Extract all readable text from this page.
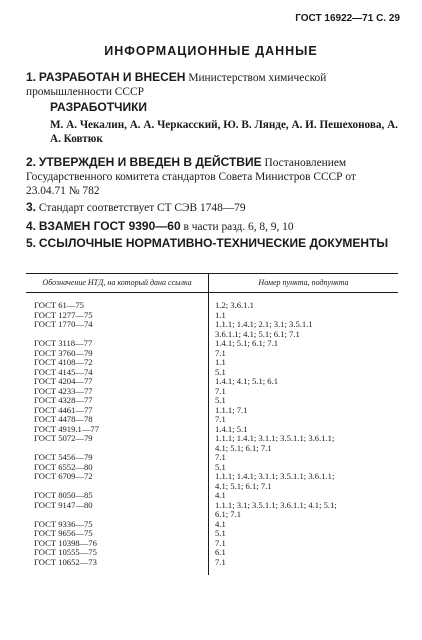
ГОСТ 16922—71 С. 29
ИНФОРМАЦИОННЫЕ ДАННЫЕ
1. РАЗРАБОТАН И ВНЕСЕН Министерством химической промышленности СССР
РАЗРАБОТЧИКИ
М. А. Чекалин, А. А. Черкасский, Ю. В. Лянде, А. И. Пешехонова, А. А. Ковтюк
2. УТВЕРЖДЕН И ВВЕДЕН В ДЕЙСТВИЕ Постановлением Государственного комитета стандартов Совета Министров СССР от 23.04.71 № 782
3. Стандарт соответствует СТ СЭВ 1748—79
4. ВЗАМЕН ГОСТ 9390—60 в части разд. 6, 8, 9, 10
5. ССЫЛОЧНЫЕ НОРМАТИВНО-ТЕХНИЧЕСКИЕ ДОКУМЕНТЫ
Обозначение НТД, на который дана ссылка	Номер пункта, подпункта
ГОСТ 61—75	1.2; 3.6.1.1
ГОСТ 1277—75	1.1
ГОСТ 1770—74	1.1.1; 1.4.1; 2.1; 3.1; 3.5.1.1
	3.6.1.1; 4.1; 5.1; 6.1; 7.1
ГОСТ 3118—77	1.4.1; 5.1; 6.1; 7.1
ГОСТ 3760—79	7.1
ГОСТ 4108—72	1.1
ГОСТ 4145—74	5.1
ГОСТ 4204—77	1.4.1; 4.1; 5.1; 6.1
ГОСТ 4233—77	7.1
ГОСТ 4328—77	5.1
ГОСТ 4461—77	1.1.1; 7.1
ГОСТ 4478—78	7.1
ГОСТ 4919.1—77	1.4.1; 5.1
ГОСТ 5072—79	1.1.1; 1.4.1; 3.1.1; 3.5.1.1; 3.6.1.1;
	4.1; 5.1; 6.1; 7.1
ГОСТ 5456—79	7.1
ГОСТ 6552—80	5.1
ГОСТ 6709—72	1.1.1; 1.4.1; 3.1.1; 3.5.1.1; 3.6.1.1;
	4.1; 5.1; 6.1; 7.1
ГОСТ 8050—85	4.1
ГОСТ 9147—80	1.1.1; 3.1; 3.5.1.1; 3.6.1.1; 4.1; 5.1;
	6.1; 7.1
ГОСТ 9336—75	4.1
ГОСТ 9656—75	5.1
ГОСТ 10398—76	7.1
ГОСТ 10555—75	6.1
ГОСТ 10652—73	7.1
